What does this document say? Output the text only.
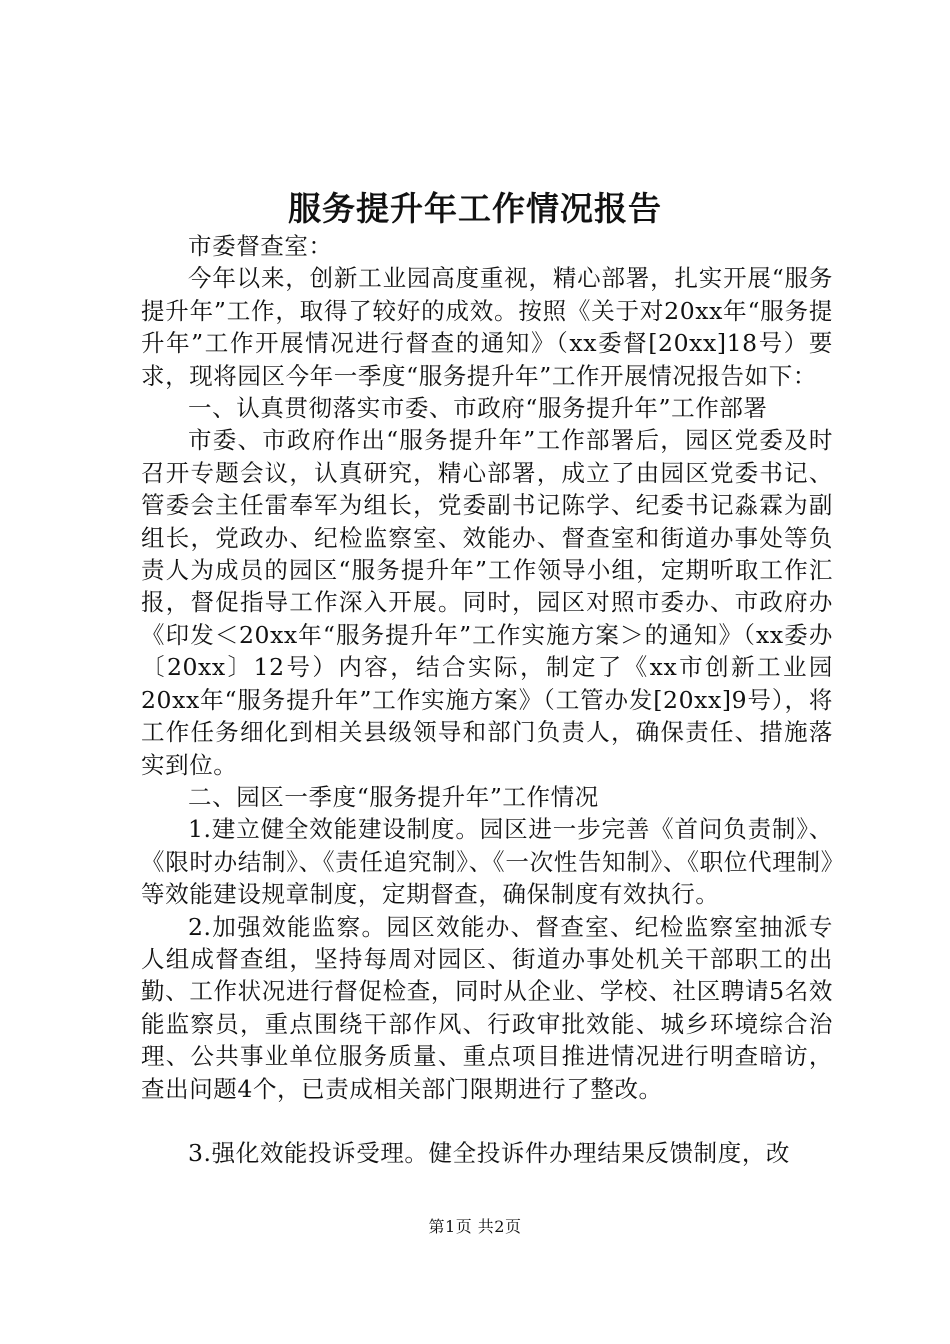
服务提升年工作情况报告

市委督查室：

今年以来，创新工业园高度重视，精心部署，扎实开展“服务提升年”工作，取得了较好的成效。按照《关于对20xx年“服务提升年”工作开展情况进行督查的通知》（xx委督[20xx]18号）要求，现将园区今年一季度“服务提升年”工作开展情况报告如下：

一、认真贯彻落实市委、市政府“服务提升年”工作部署

市委、市政府作出“服务提升年”工作部署后，园区党委及时召开专题会议，认真研究，精心部署，成立了由园区党委书记、管委会主任雷奉军为组长，党委副书记陈学、纪委书记淼霖为副组长，党政办、纪检监察室、效能办、督查室和街道办事处等负责人为成员的园区“服务提升年”工作领导小组，定期听取工作汇报，督促指导工作深入开展。同时，园区对照市委办、市政府办《印发＜20xx年“服务提升年”工作实施方案＞的通知》（xx委办〔20xx〕12号）内容，结合实际，制定了《xx市创新工业园20xx年“服务提升年”工作实施方案》（工管办发[20xx]9号），将工作任务细化到相关县级领导和部门负责人，确保责任、措施落实到位。

二、园区一季度“服务提升年”工作情况

1.建立健全效能建设制度。园区进一步完善《首问负责制》、《限时办结制》、《责任追究制》、《一次性告知制》、《职位代理制》等效能建设规章制度，定期督查，确保制度有效执行。

2.加强效能监察。园区效能办、督查室、纪检监察室抽派专人组成督查组，坚持每周对园区、街道办事处机关干部职工的出勤、工作状况进行督促检查，同时从企业、学校、社区聘请5名效能监察员，重点围绕干部作风、行政审批效能、城乡环境综合治理、公共事业单位服务质量、重点项目推进情况进行明查暗访，查出问题4个，已责成相关部门限期进行了整改。

3.强化效能投诉受理。健全投诉件办理结果反馈制度，改

第1页 共2页
